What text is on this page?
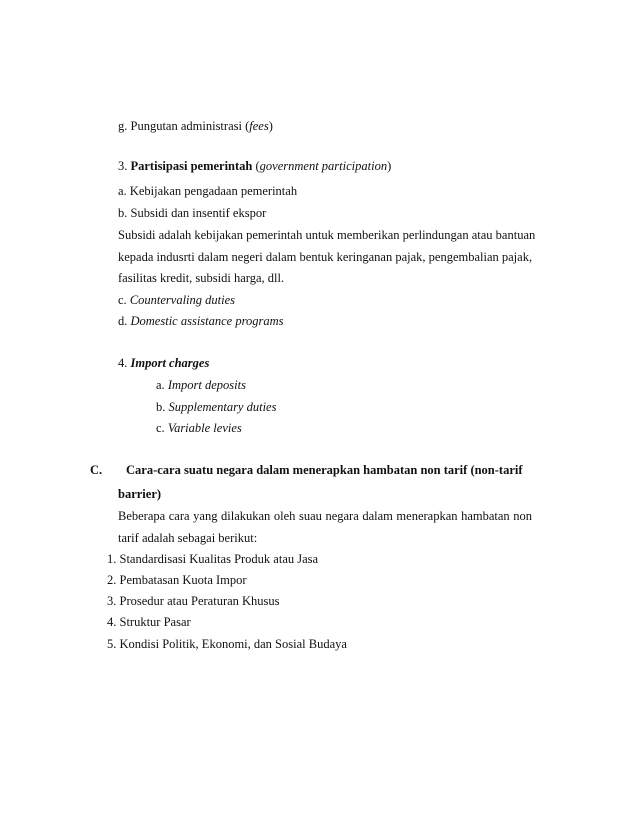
g. Pungutan administrasi (fees)
3. Partisipasi pemerintah (government participation)
a. Kebijakan pengadaan pemerintah
b. Subsidi dan insentif ekspor
Subsidi adalah kebijakan pemerintah untuk memberikan perlindungan atau bantuan
kepada indusrti dalam negeri dalam bentuk keringanan pajak, pengembalian pajak,
fasilitas kredit, subsidi harga, dll.
c. Countervaling duties
d. Domestic assistance programs
4. Import charges
a. Import deposits
b. Supplementary duties
c. Variable levies
C. Cara-cara suatu negara dalam menerapkan hambatan non tarif (non-tarif
barrier)
Beberapa cara yang dilakukan oleh suau negara dalam menerapkan hambatan non
tarif adalah sebagai berikut:
1. Standardisasi Kualitas Produk atau Jasa
2. Pembatasan Kuota Impor
3. Prosedur atau Peraturan Khusus
4. Struktur Pasar
5. Kondisi Politik, Ekonomi, dan Sosial Budaya
